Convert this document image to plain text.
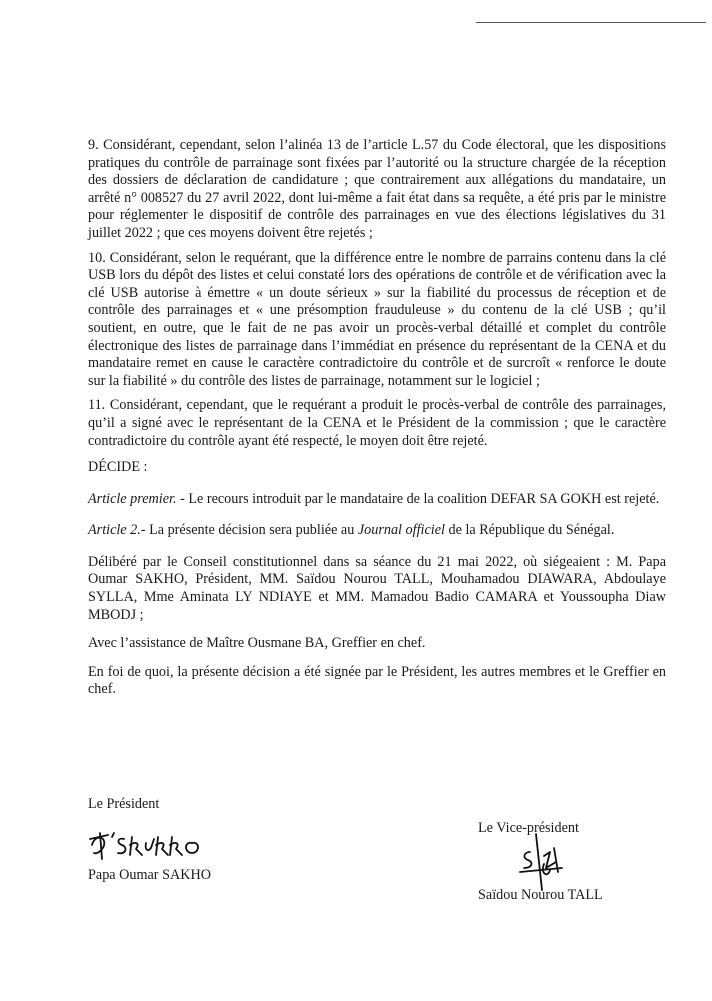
9. Considérant, cependant, selon l’alinéa 13 de l’article L.57 du Code électoral, que les dispositions pratiques du contrôle de parrainage sont fixées par l’autorité ou la structure chargée de la réception des dossiers de déclaration de candidature ; que contrairement aux allégations du mandataire, un arrêté n° 008527 du 27 avril 2022, dont lui-même a fait état dans sa requête, a été pris par le ministre pour réglementer le dispositif de contrôle des parrainages en vue des élections législatives du 31 juillet 2022 ; que ces moyens doivent être rejetés ;

10. Considérant, selon le requérant, que la différence entre le nombre de parrains contenu dans la clé USB lors du dépôt des listes et celui constaté lors des opérations de contrôle et de vérification avec la clé USB autorise à émettre « un doute sérieux » sur la fiabilité du processus de réception et de contrôle des parrainages et « une présomption frauduleuse » du contenu de la clé USB ; qu’il soutient, en outre, que le fait de ne pas avoir un procès-verbal détaillé et complet du contrôle électronique des listes de parrainage dans l’immédiat en présence du représentant de la CENA et du mandataire remet en cause le caractère contradictoire du contrôle et de surcroît « renforce le doute sur la fiabilité » du contrôle des listes de parrainage, notamment sur le logiciel ;

11. Considérant, cependant, que le requérant a produit le procès-verbal de contrôle des parrainages, qu’il a signé avec le représentant de la CENA et le Président de la commission ; que le caractère contradictoire du contrôle ayant été respecté, le moyen doit être rejeté.

DÉCIDE :

Article premier. - Le recours introduit par le mandataire de la coalition DEFAR SA GOKH est rejeté.

Article 2.- La présente décision sera publiée au Journal officiel de la République du Sénégal.

Délibéré par le Conseil constitutionnel dans sa séance du 21 mai 2022, où siégeaient : M. Papa Oumar SAKHO, Président, MM. Saïdou Nourou TALL, Mouhamadou DIAWARA, Abdoulaye SYLLA, Mme Aminata LY NDIAYE et MM. Mamadou Badio CAMARA et Youssoupha Diaw MBODJ ;

Avec l’assistance de Maître Ousmane BA, Greffier en chef.

En foi de quoi, la présente décision a été signée par le Président, les autres membres et le Greffier en chef.

Le Président
Papa Oumar SAKHO
Le Vice-président
Saïdou Nourou TALL
